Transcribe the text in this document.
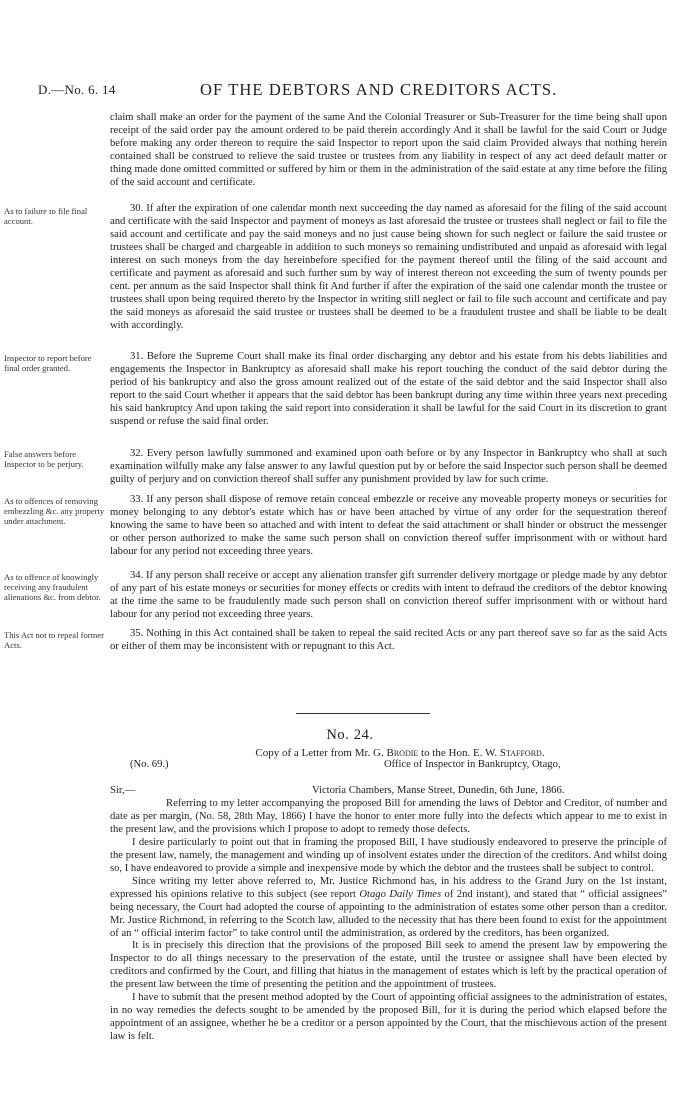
D.—No. 6. 14	OF THE DEBTORS AND CREDITORS ACTS.
As to failure to file final account.
Inspector to report before final order granted.
False answers before Inspector to be perjury.
As to offences of removing embezzling &c. any property under attachment.
As to offence of knowingly receiving any fraudulent alienations &c. from debtor.
This Act not to repeal former Acts.

claim shall make an order for the payment of the same And the Colonial Treasurer or Sub-Treasurer for the time being shall upon receipt of the said order pay the amount ordered to be paid therein accordingly And it shall be lawful for the said Court or Judge before making any order thereon to require the said Inspector to report upon the said claim Provided always that nothing herein contained shall be construed to relieve the said trustee or trustees from any liability in respect of any act deed default matter or thing made done omitted committed or suffered by him or them in the administration of the said estate at any time before the filing of the said account and certificate.

30. If after the expiration of one calendar month next succeeding the day named as aforesaid for the filing of the said account and certificate with the said Inspector and payment of moneys as last aforesaid the trustee or trustees shall neglect or fail to file the said account and certificate and pay the said moneys and no just cause being shown for such neglect or failure the said trustee or trustees shall be charged and chargeable in addition to such moneys so remaining undistributed and unpaid as aforesaid with legal interest on such moneys from the day hereinbefore specified for the payment thereof until the filing of the said account and certificate and payment as aforesaid and such further sum by way of interest thereon not exceeding the sum of twenty pounds per cent. per annum as the said Inspector shall think fit And further if after the expiration of the said one calendar month the trustee or trustees shall upon being required thereto by the Inspector in writing still neglect or fail to file such account and certificate and pay the said moneys as aforesaid the said trustee or trustees shall be deemed to be a fraudulent trustee and shall be liable to be dealt with accordingly.

31. Before the Supreme Court shall make its final order discharging any debtor and his estate from his debts liabilities and engagements the Inspector in Bankruptcy as aforesaid shall make his report touching the conduct of the said debtor during the period of his bankruptcy and also the gross amount realized out of the estate of the said debtor and the said Inspector shall also report to the said Court whether it appears that the said debtor has been bankrupt during any time within three years next preceding his said bankruptcy And upon taking the said report into consideration it shall be lawful for the said Court in its discretion to grant suspend or refuse the said final order.

32. Every person lawfully summoned and examined upon oath before or by any Inspector in Bankruptcy who shall at such examination wilfully make any false answer to any lawful question put by or before the said Inspector such person shall be deemed guilty of perjury and on conviction thereof shall suffer any punishment provided by law for such crime.

33. If any person shall dispose of remove retain conceal embezzle or receive any moveable property moneys or securities for money belonging to any debtor's estate which has or have been attached by virtue of any order for the sequestration thereof knowing the same to have been so attached and with intent to defeat the said attachment or shall hinder or obstruct the messenger or other person authorized to make the same such person shall on conviction thereof suffer imprisonment with or without hard labour for any period not exceeding three years.

34. If any person shall receive or accept any alienation transfer gift surrender delivery mortgage or pledge made by any debtor of any part of his estate moneys or securities for money effects or credits with intent to defraud the creditors of the debtor knowing at the time the same to be fraudulently made such person shall on conviction thereof suffer imprisonment with or without hard labour for any period not exceeding three years.

35. Nothing in this Act contained shall be taken to repeal the said recited Acts or any part thereof save so far as the said Acts or either of them may be inconsistent with or repugnant to this Act.

No. 24.
Copy of a Letter from Mr. G. Brodie to the Hon. E. W. Stafford.
(No. 69.)	Office of Inspector in Bankruptcy, Otago,
Sir,—	Victoria Chambers, Manse Street, Dunedin, 6th June, 1866.

Referring to my letter accompanying the proposed Bill for amending the laws of Debtor and Creditor, of number and date as per margin, (No. 58, 28th May, 1866) I have the honor to enter more fully into the defects which appear to me to exist in the present law, and the provisions which I propose to adopt to remedy those defects.

I desire particularly to point out that in framing the proposed Bill, I have studiously endeavored to preserve the principle of the present law, namely, the management and winding up of insolvent estates under the direction of the creditors. And whilst doing so, I have endeavored to provide a simple and inexpensive mode by which the debtor and the trustees shall be subject to control.

Since writing my letter above referred to, Mr. Justice Richmond has, in his address to the Grand Jury on the 1st instant, expressed his opinions relative to this subject (see report Otago Daily Times of 2nd instant), and stated that “ official assignees” being necessary, the Court had adopted the course of appointing to the administration of estates some other person than a creditor. Mr. Justice Richmond, in referring to the Scotch law, alluded to the necessity that has there been found to exist for the appointment of an “ official interim factor” to take control until the administration, as ordered by the creditors, has been organized.

It is in precisely this direction that the provisions of the proposed Bill seek to amend the present law by empowering the Inspector to do all things necessary to the preservation of the estate, until the trustee or assignee shall have been elected by creditors and confirmed by the Court, and filling that hiatus in the management of estates which is left by the practical operation of the present law between the time of presenting the petition and the appointment of trustees.

I have to submit that the present method adopted by the Court of appointing official assignees to the administration of estates, in no way remedies the defects sought to be amended by the proposed Bill, for it is during the period which elapsed before the appointment of an assignee, whether he be a creditor or a person appointed by the Court, that the mischievous action of the present law is felt.
